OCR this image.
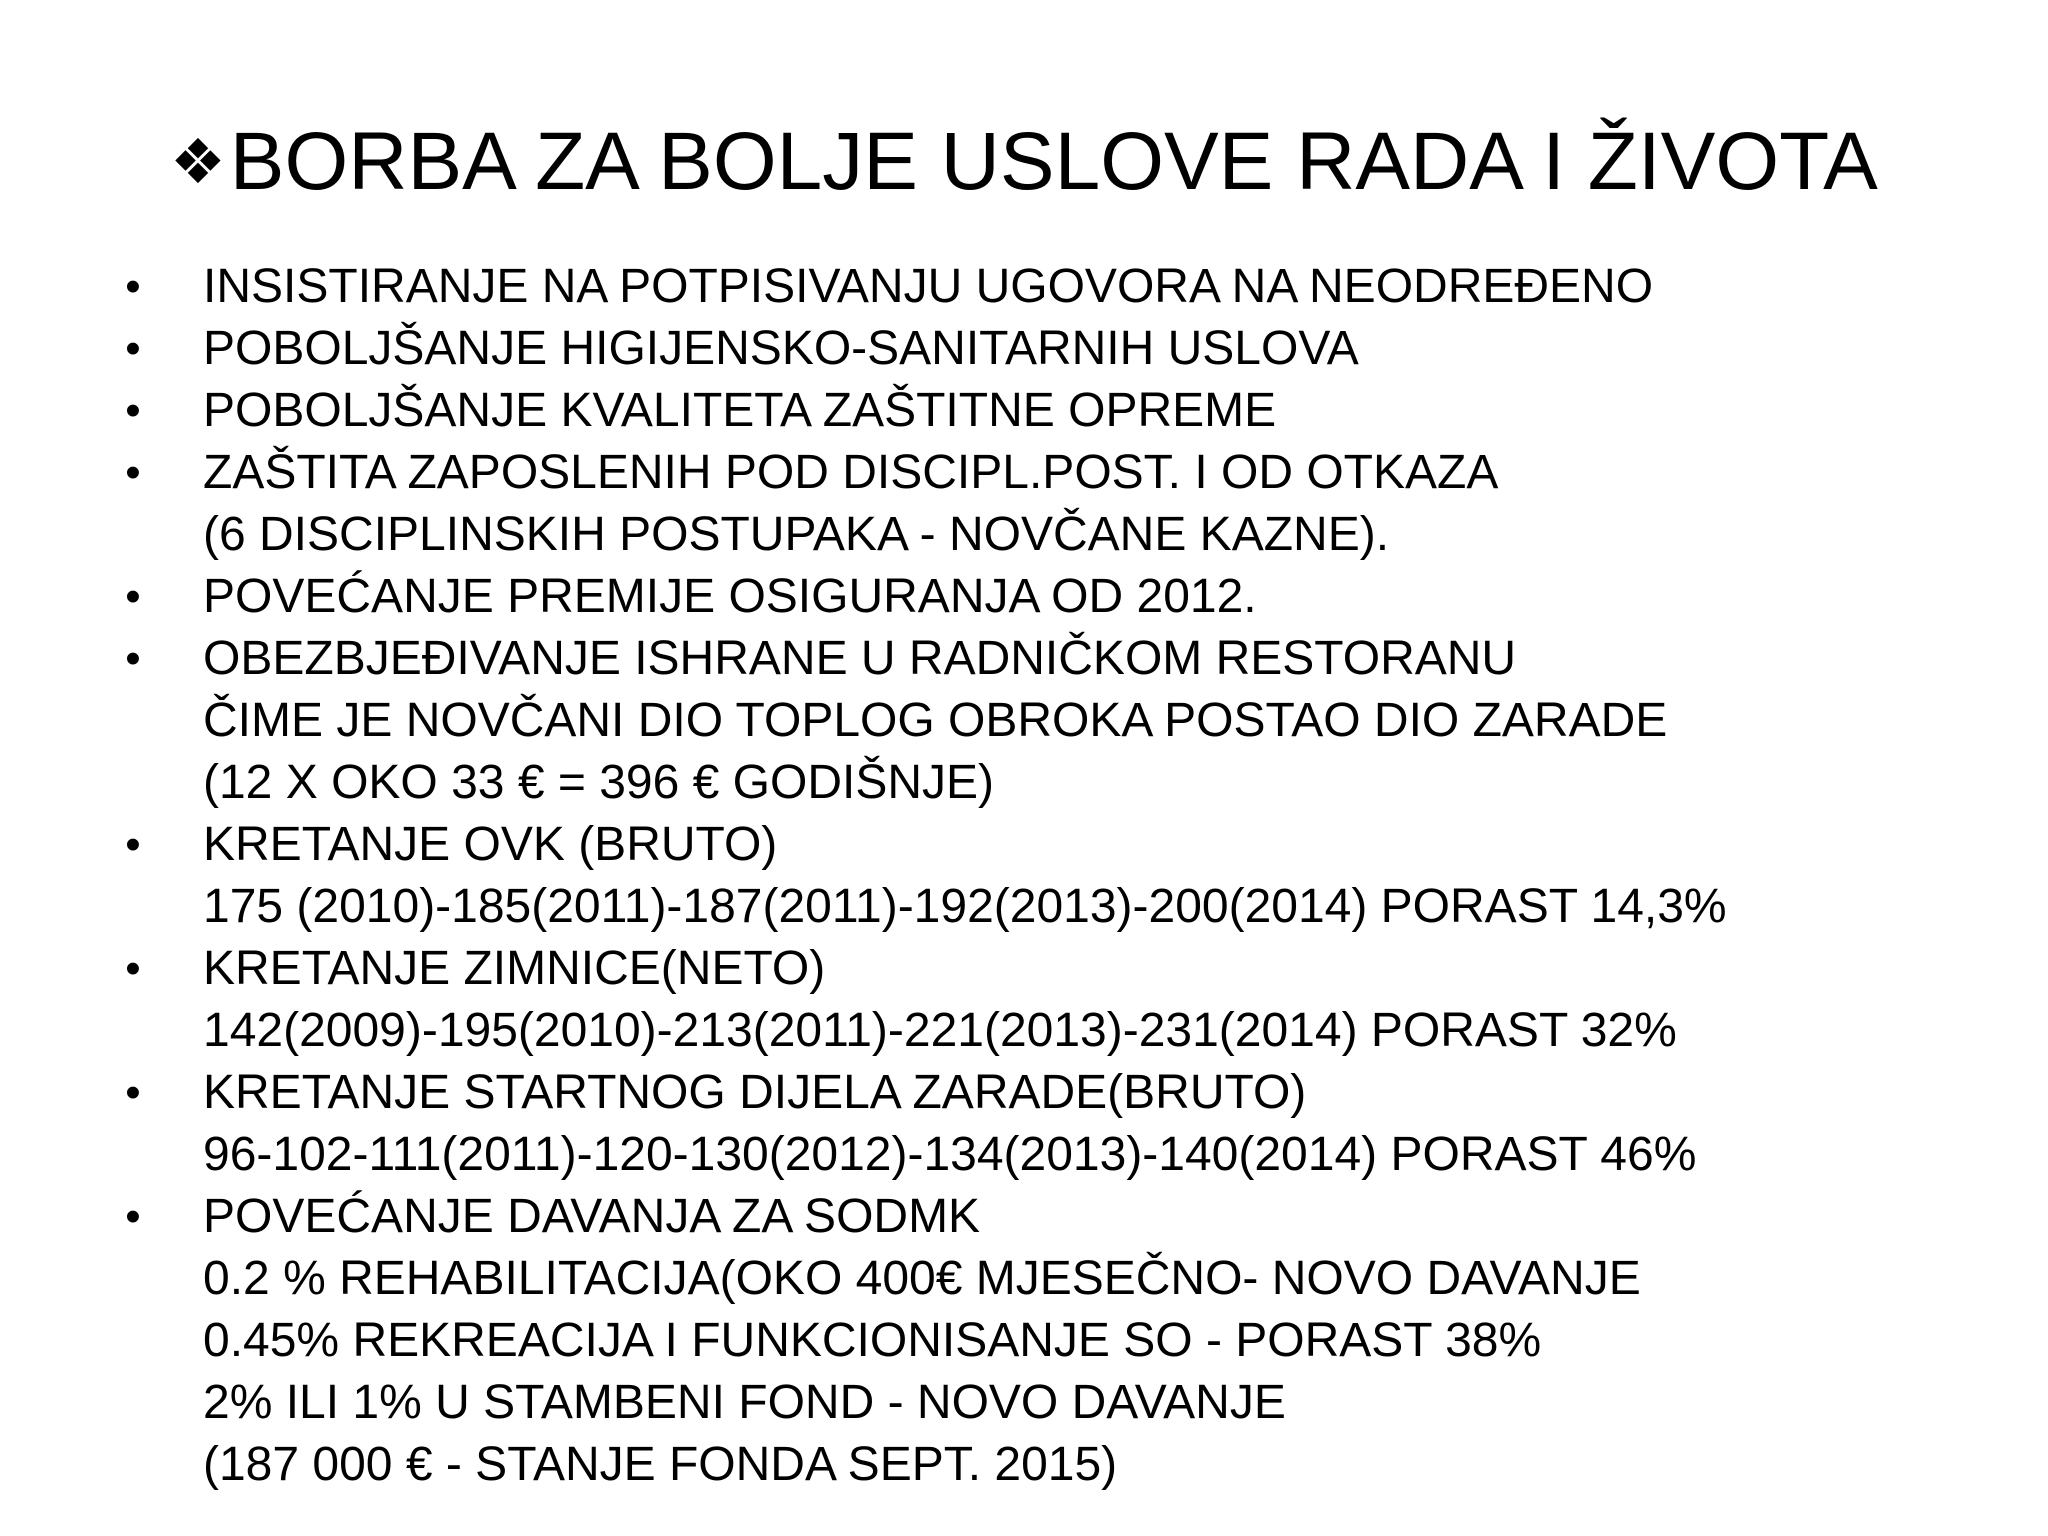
❖BORBA ZA BOLJE USLOVE RADA I ŽIVOTA
• INSISTIRANJE NA POTPISIVANJU UGOVORA NA NEODREĐENO
• POBOLJŠANJE HIGIJENSKO-SANITARNIH USLOVA
• POBOLJŠANJE KVALITETA ZAŠTITNE OPREME
• ZAŠTITA ZAPOSLENIH POD DISCIPL.POST. I OD OTKAZA
(6 DISCIPLINSKIH POSTUPAKA - NOVČANE KAZNE).
• POVEĆANJE PREMIJE OSIGURANJA OD 2012.
• OBEZBJEĐIVANJE ISHRANE U RADNIČKOM RESTORANU
ČIME JE NOVČANI DIO TOPLOG OBROKA POSTAO DIO ZARADE
(12 X OKO 33 € = 396 € GODIŠNJE)
• KRETANJE OVK (BRUTO)
175 (2010)-185(2011)-187(2011)-192(2013)-200(2014) PORAST 14,3%
• KRETANJE ZIMNICE(NETO)
142(2009)-195(2010)-213(2011)-221(2013)-231(2014) PORAST 32%
• KRETANJE STARTNOG DIJELA ZARADE(BRUTO)
96-102-111(2011)-120-130(2012)-134(2013)-140(2014) PORAST 46%
• POVEĆANJE DAVANJA ZA SODMK
0.2 % REHABILITACIJA(OKO 400€ MJESEČNO- NOVO DAVANJE
0.45% REKREACIJA I FUNKCIONISANJE SO - PORAST 38%
2% ILI 1% U STAMBENI FOND - NOVO DAVANJE
(187 000 € - STANJE FONDA SEPT. 2015)
